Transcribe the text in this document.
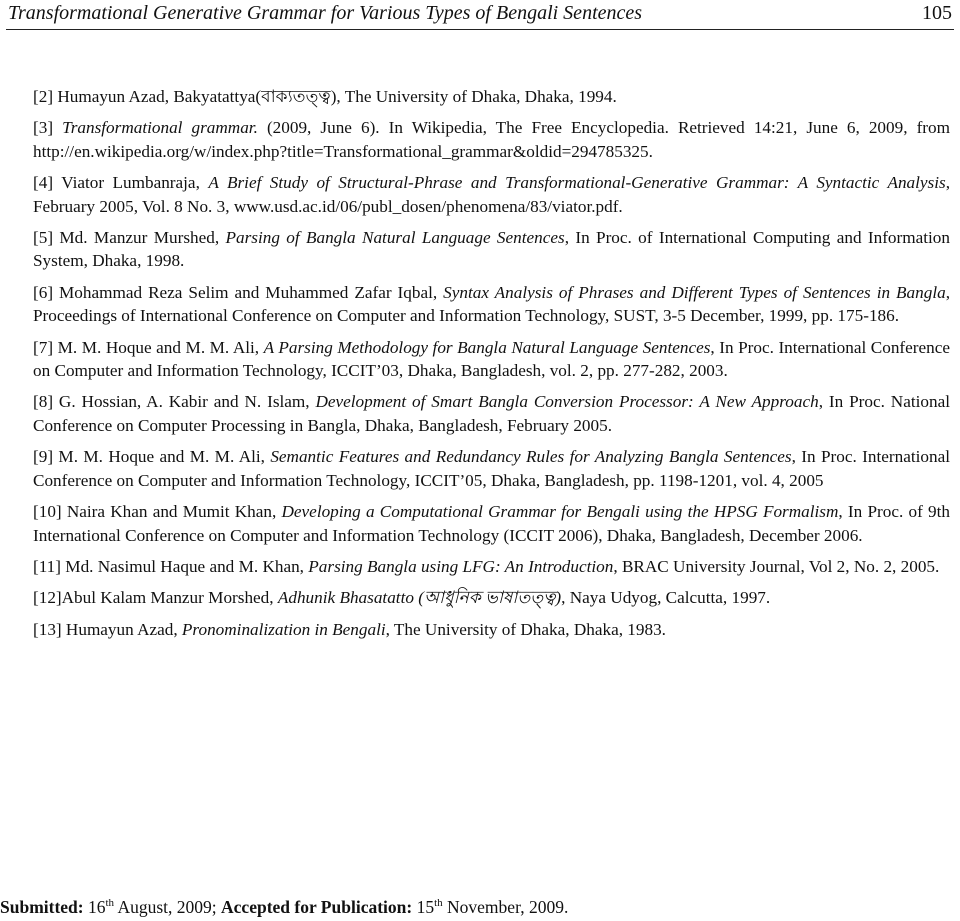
Transformational Generative Grammar for Various Types of Bengali Sentences	105

[2] Humayun Azad, Bakyatattya(বাক্যতত্ত্ব), The University of Dhaka, Dhaka, 1994.

[3] Transformational grammar. (2009, June 6). In Wikipedia, The Free Encyclopedia. Retrieved 14:21, June 6, 2009, from http://en.wikipedia.org/w/index.php?title=Transformational_grammar&oldid=294785325.

[4] Viator Lumbanraja, A Brief Study of Structural-Phrase and Transformational-Generative Grammar: A Syntactic Analysis, February 2005, Vol. 8 No. 3, www.usd.ac.id/06/publ_dosen/phenomena/83/viator.pdf.

[5] Md. Manzur Murshed, Parsing of Bangla Natural Language Sentences, In Proc. of International Computing and Information System, Dhaka, 1998.

[6] Mohammad Reza Selim and Muhammed Zafar Iqbal, Syntax Analysis of Phrases and Different Types of Sentences in Bangla, Proceedings of International Conference on Computer and Information Technology, SUST, 3-5 December, 1999, pp. 175-186.

[7] M. M. Hoque and M. M. Ali, A Parsing Methodology for Bangla Natural Language Sentences, In Proc. International Conference on Computer and Information Technology, ICCIT’03, Dhaka, Bangladesh, vol. 2, pp. 277-282, 2003.

[8] G. Hossian, A. Kabir and N. Islam, Development of Smart Bangla Conversion Processor: A New Approach, In Proc. National Conference on Computer Processing in Bangla, Dhaka, Bangladesh, February 2005.

[9] M. M. Hoque and M. M. Ali, Semantic Features and Redundancy Rules for Analyzing Bangla Sentences, In Proc. International Conference on Computer and Information Technology, ICCIT’05, Dhaka, Bangladesh, pp. 1198-1201, vol. 4, 2005

[10] Naira Khan and Mumit Khan, Developing a Computational Grammar for Bengali using the HPSG Formalism, In Proc. of 9th International Conference on Computer and Information Technology (ICCIT 2006), Dhaka, Bangladesh, December 2006.

[11] Md. Nasimul Haque and M. Khan, Parsing Bangla using LFG: An Introduction, BRAC University Journal, Vol 2, No. 2, 2005.

[12]Abul Kalam Manzur Morshed, Adhunik Bhasatatto (আধুনিক ভাষাতত্ত্ব), Naya Udyog, Calcutta, 1997.

[13] Humayun Azad, Pronominalization in Bengali, The University of Dhaka, Dhaka, 1983.

Submitted: 16th August, 2009; Accepted for Publication: 15th November, 2009.
